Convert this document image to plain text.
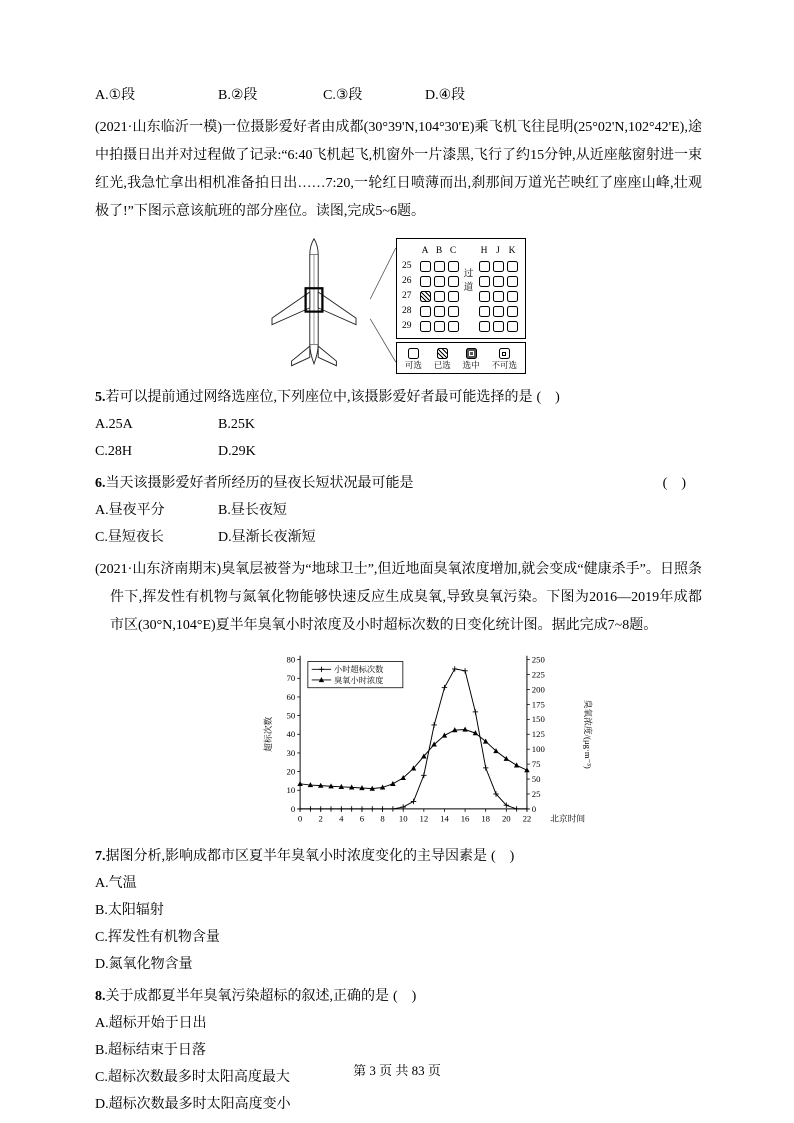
A.①段	B.②段	C.③段	D.④段

(2021·山东临沂一模)一位摄影爱好者由成都(30°39'N,104°30'E)乘飞机飞往昆明(25°02'N,102°42'E),途中拍摄日出并对过程做了记录:“6:40飞机起飞,机窗外一片漆黑,飞行了约15分钟,从近座舷窗射进一束红光,我急忙拿出相机准备拍日出……7:20,一轮红日喷薄而出,刹那间万道光芒映红了座座山峰,壮观极了!”下图示意该航班的部分座位。读图,完成5~6题。

A B C	H J K
25
26
27
28
29
过道
可选 已选 选中 不可选

5.若可以提前通过网络选座位,下列座位中,该摄影爱好者最可能选择的是 (　)

A.25A	B.25K
C.28H	D.29K

6.当天该摄影爱好者所经历的昼夜长短状况最可能是	(　)

A.昼夜平分	B.昼长夜短
C.昼短夜长	D.昼渐长夜渐短

(2021·山东济南期末)臭氧层被誉为“地球卫士”,但近地面臭氧浓度增加,就会变成“健康杀手”。日照条件下,挥发性有机物与氮氧化物能够快速反应生成臭氧,导致臭氧污染。下图为2016—2019年成都市区(30°N,104°E)夏半年臭氧小时浓度及小时超标次数的日变化统计图。据此完成7~8题。

0
10
20
30
40
50
60
70
80
0
25
50
75
100
125
150
175
200
225
250
0 2 4 6 8 10 12 14 16 18 20 22 北京时间
超标次数	臭氧浓度/(μg·m⁻³)
小时超标次数
臭氧小时浓度

7.据图分析,影响成都市区夏半年臭氧小时浓度变化的主导因素是 (　)

A.气温

B.太阳辐射

C.挥发性有机物含量

D.氮氧化物含量

8.关于成都夏半年臭氧污染超标的叙述,正确的是 (　)

A.超标开始于日出

B.超标结束于日落

C.超标次数最多时太阳高度最大

D.超标次数最多时太阳高度变小

第 3 页 共 83 页
